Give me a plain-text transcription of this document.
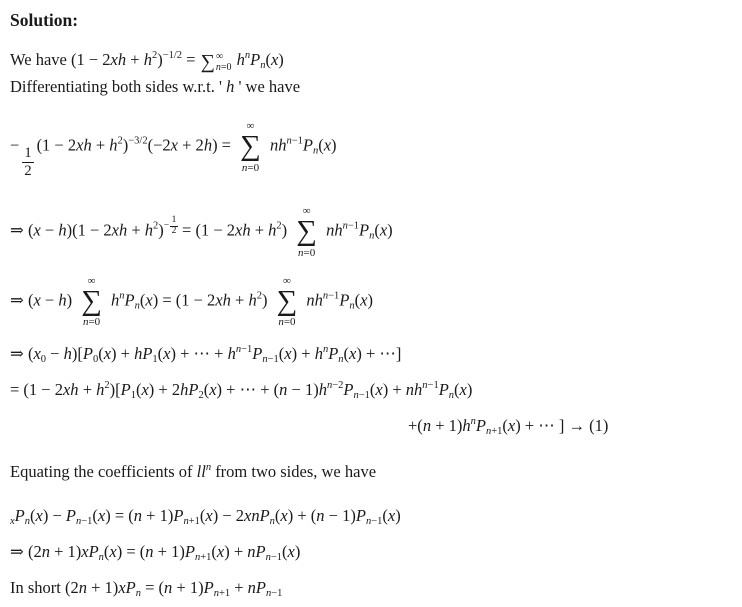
Solution:
We have $(1 - 2xh + h^2)^{-1/2}$ = ∑ ∞
n=0 $h^nP_n(x)$
Differentiating both sides w.r.t. ' h ' we have
−
$\frac{1}{2}$
$(1 - 2xh + h^2)^{-3/2}(-2x + 2h)$ =
∞
∑
n=0
$nh^{n-1}P_n(x)$
⇒ $(x - h)(1 - 2xh + h^2) - \frac{1}{2} = (1 - 2xh + h^2)$
∞
∑
n=0
$nh^{n-1}P_n(x)$
⇒ (x − h)
∞
∑
n=0
$h^nP_n(x) = (1 - 2xh + h^2)$
∞
∑
n=0
$nh^{n-1}P_n(x)$
⇒ $(x_0 - h)[P_0(x) + hP_1(x)$ + ⋯ + $h^{n-1}P_{n-1}(x) + h^nP_n(x)$ + ⋯]
= $(1 - 2xh + h^2)[P_1(x) + 2hP_2(x)$ + ⋯ + $(n - 1)h^{n-2}P_{n-1}(x) + nh^{n-1}P_n(x)$
$+(n + 1)h^nP_{n+1}(x)$ + ⋯ ] → (1)
Equating the coefficients of $ll^n$ from two sides, we have
$_xP_n(x) - P_{n-1}(x) = (n + 1)P_{n+1}(x) - 2xnP_n(x) + (n - 1)P_{n-1}(x)$
⇒ $(2n + 1)xP_n(x) = (n + 1)P_{n+1}(x) + nP_{n-1}(x)$
In short $(2n + 1)xP_n = (n + 1)P_{n+1} + nP_{n-1}$
